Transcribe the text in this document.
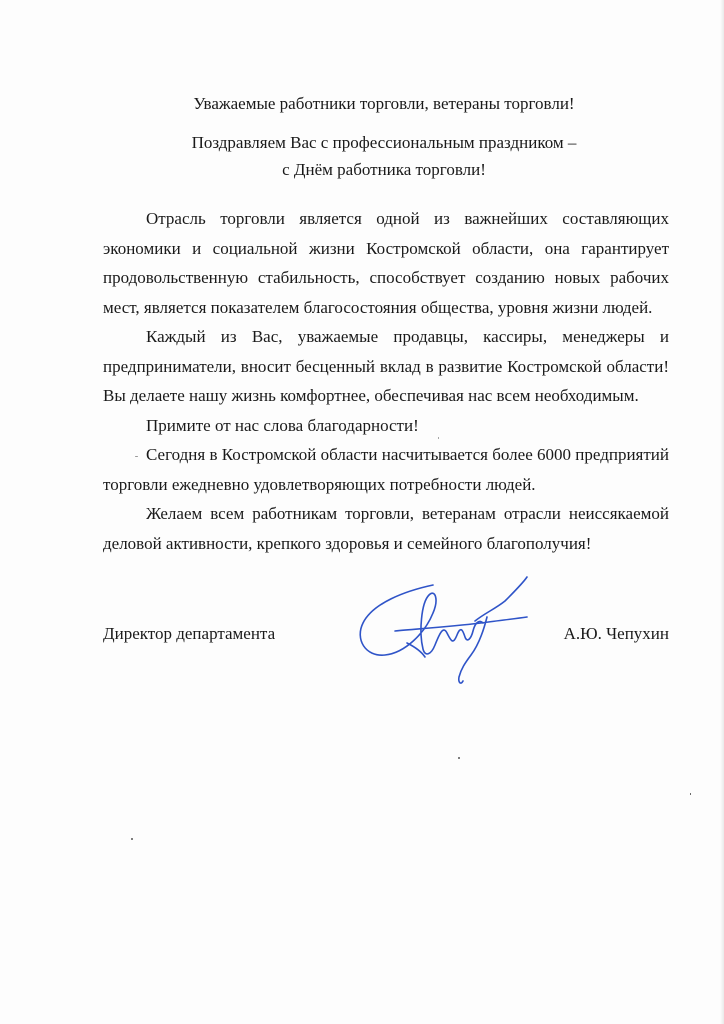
Уважаемые работники торговли, ветераны торговли!
Поздравляем Вас с профессиональным праздником –
с Днём работника торговли!

Отрасль торговли является одной из важнейших составляющих экономики и социальной жизни Костромской области, она гарантирует продовольственную стабильность, способствует созданию новых рабочих мест, является показателем благосостояния общества, уровня жизни людей.

Каждый из Вас, уважаемые продавцы, кассиры, менеджеры и предприниматели, вносит бесценный вклад в развитие Костромской области! Вы делаете нашу жизнь комфортнее, обеспечивая нас всем необходимым.

Примите от нас слова благодарности!

Сегодня в Костромской области насчитывается более 6000 предприятий торговли ежедневно удовлетворяющих потребности людей.

Желаем всем работникам торговли, ветеранам отрасли неиссякаемой деловой активности, крепкого здоровья и семейного благополучия!

Директор департамента	А.Ю. Чепухин
